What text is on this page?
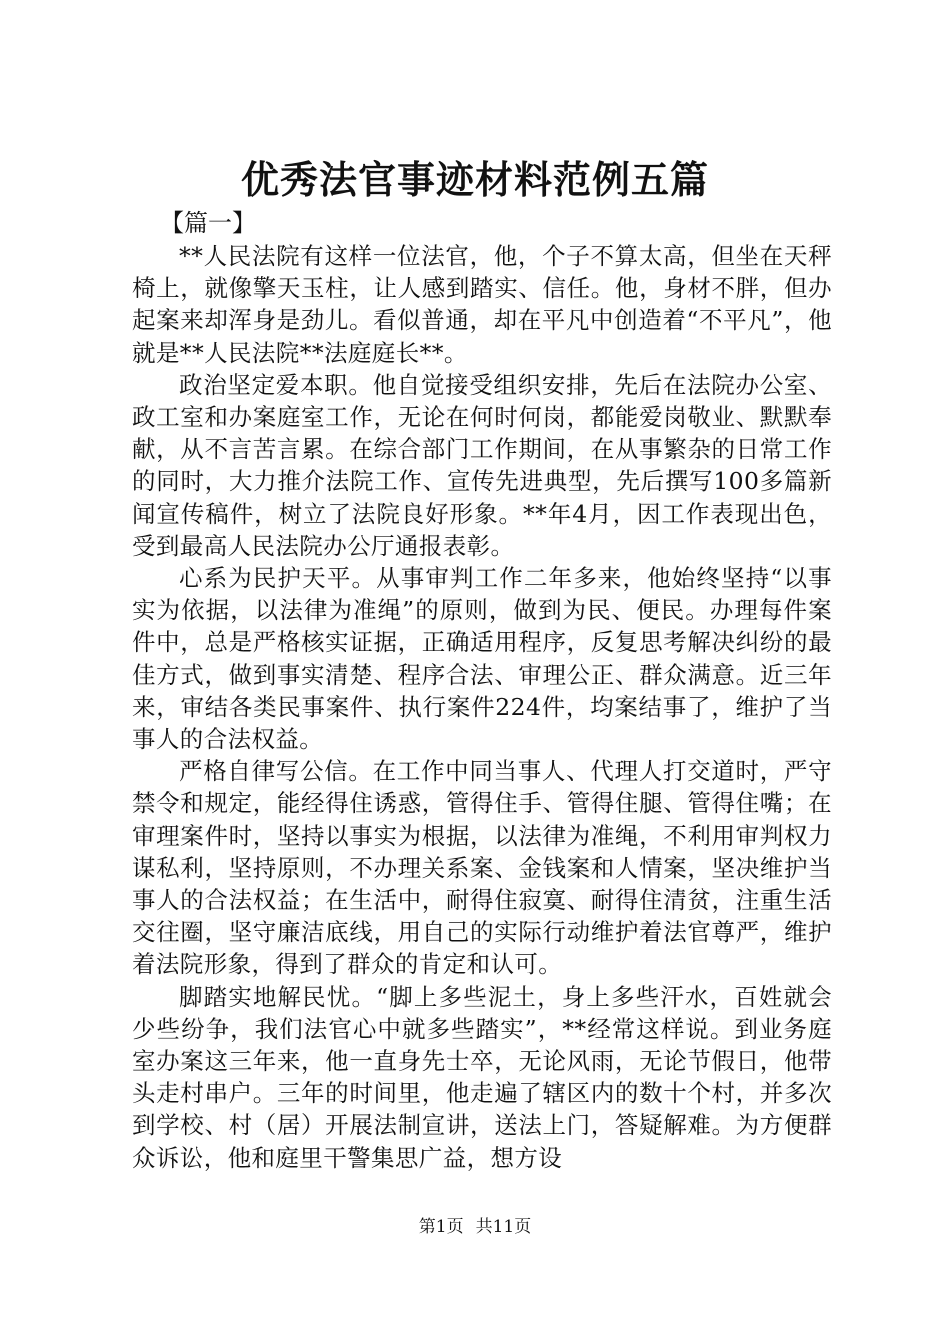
优秀法官事迹材料范例五篇
【篇一】

**人民法院有这样一位法官，他，个子不算太高，但坐在天秤椅上，就像擎天玉柱，让人感到踏实、信任。他，身材不胖，但办起案来却浑身是劲儿。看似普通，却在平凡中创造着“不平凡”，他就是**人民法院**法庭庭长**。

政治坚定爱本职。他自觉接受组织安排，先后在法院办公室、政工室和办案庭室工作，无论在何时何岗，都能爱岗敬业、默默奉献，从不言苦言累。在综合部门工作期间，在从事繁杂的日常工作的同时，大力推介法院工作、宣传先进典型，先后撰写100多篇新闻宣传稿件，树立了法院良好形象。**年4月，因工作表现出色，受到最高人民法院办公厅通报表彰。

心系为民护天平。从事审判工作二年多来，他始终坚持“以事实为依据，以法律为准绳”的原则，做到为民、便民。办理每件案件中，总是严格核实证据，正确适用程序，反复思考解决纠纷的最佳方式，做到事实清楚、程序合法、审理公正、群众满意。近三年来，审结各类民事案件、执行案件224件，均案结事了，维护了当事人的合法权益。

严格自律写公信。在工作中同当事人、代理人打交道时，严守禁令和规定，能经得住诱惑，管得住手、管得住腿、管得住嘴；在审理案件时，坚持以事实为根据，以法律为准绳，不利用审判权力谋私利，坚持原则，不办理关系案、金钱案和人情案，坚决维护当事人的合法权益；在生活中，耐得住寂寞、耐得住清贫，注重生活交往圈，坚守廉洁底线，用自己的实际行动维护着法官尊严，维护着法院形象，得到了群众的肯定和认可。

脚踏实地解民忧。“脚上多些泥土，身上多些汗水，百姓就会少些纷争，我们法官心中就多些踏实”，**经常这样说。到业务庭室办案这三年来，他一直身先士卒，无论风雨，无论节假日，他带头走村串户。三年的时间里，他走遍了辖区内的数十个村，并多次到学校、村（居）开展法制宣讲，送法上门，答疑解难。为方便群众诉讼，他和庭里干警集思广益，想方设

第1页 共11页
